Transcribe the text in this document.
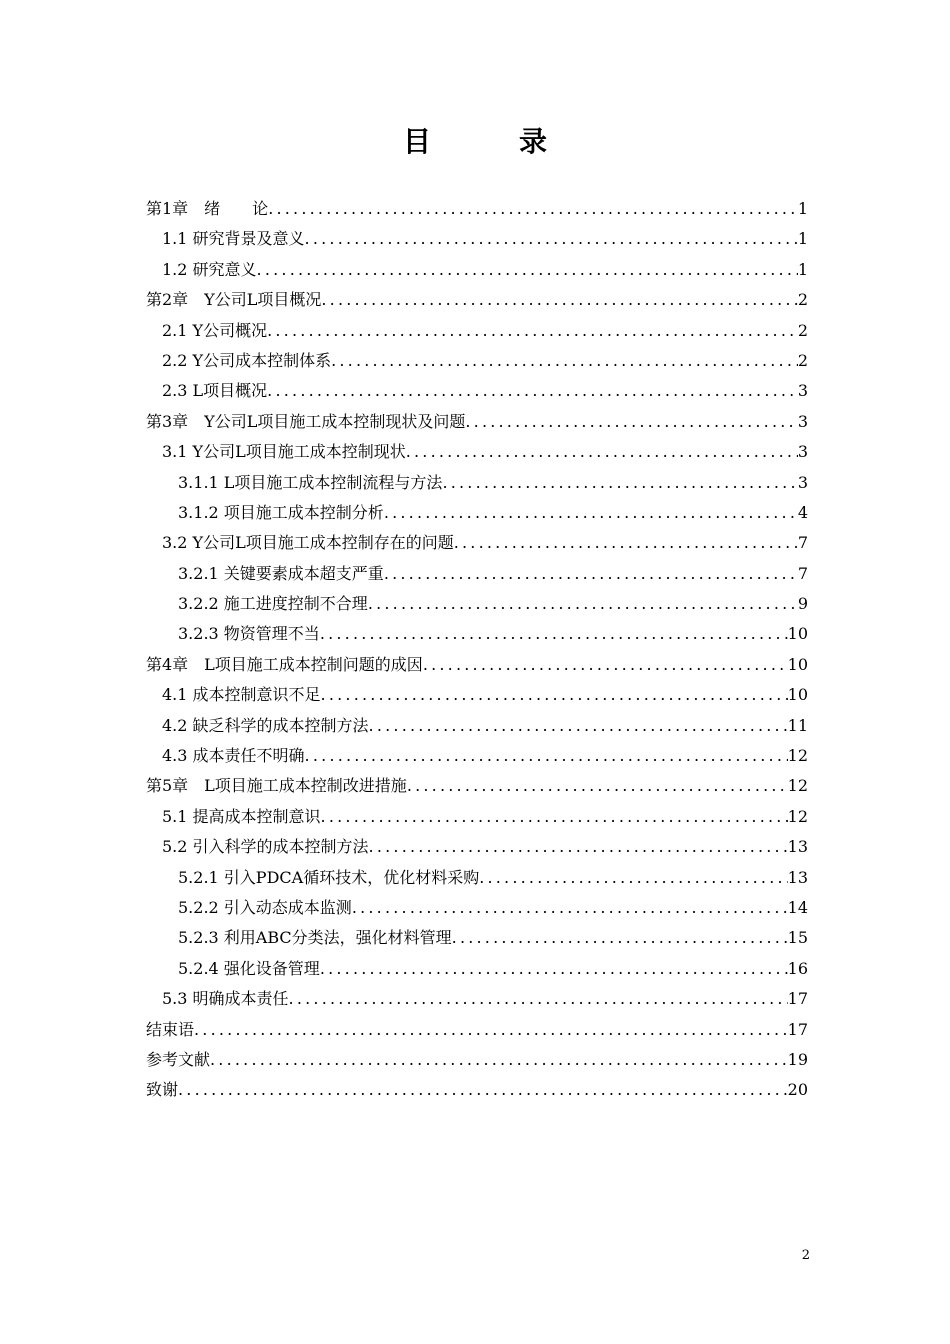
目　录
第1章　绪　　论 .....	1
1.1 研究背景及意义 .....	1
1.2 研究意义 .....	1
第2章　Y公司L项目概况 .....	2
2.1 Y公司概况 .....	2
2.2 Y公司成本控制体系 .....	2
2.3 L项目概况 .....	3
第3章　Y公司L项目施工成本控制现状及问题 .....	3
3.1 Y公司L项目施工成本控制现状 .....	3
3.1.1 L项目施工成本控制流程与方法 .....	3
3.1.2 项目施工成本控制分析 .....	4
3.2 Y公司L项目施工成本控制存在的问题 .....	7
3.2.1 关键要素成本超支严重 .....	7
3.2.2 施工进度控制不合理 .....	9
3.2.3 物资管理不当 .....	10
第4章　L项目施工成本控制问题的成因 .....	10
4.1 成本控制意识不足 .....	10
4.2 缺乏科学的成本控制方法 .....	11
4.3 成本责任不明确 .....	12
第5章　L项目施工成本控制改进措施 .....	12
5.1 提高成本控制意识 .....	12
5.2 引入科学的成本控制方法 .....	13
5.2.1 引入PDCA循环技术，优化材料采购 .....	13
5.2.2 引入动态成本监测 .....	14
5.2.3 利用ABC分类法，强化材料管理 .....	15
5.2.4 强化设备管理 .....	16
5.3 明确成本责任 .....	17
结束语 .....	17
参考文献 .....	19
致谢 .....	20
2
